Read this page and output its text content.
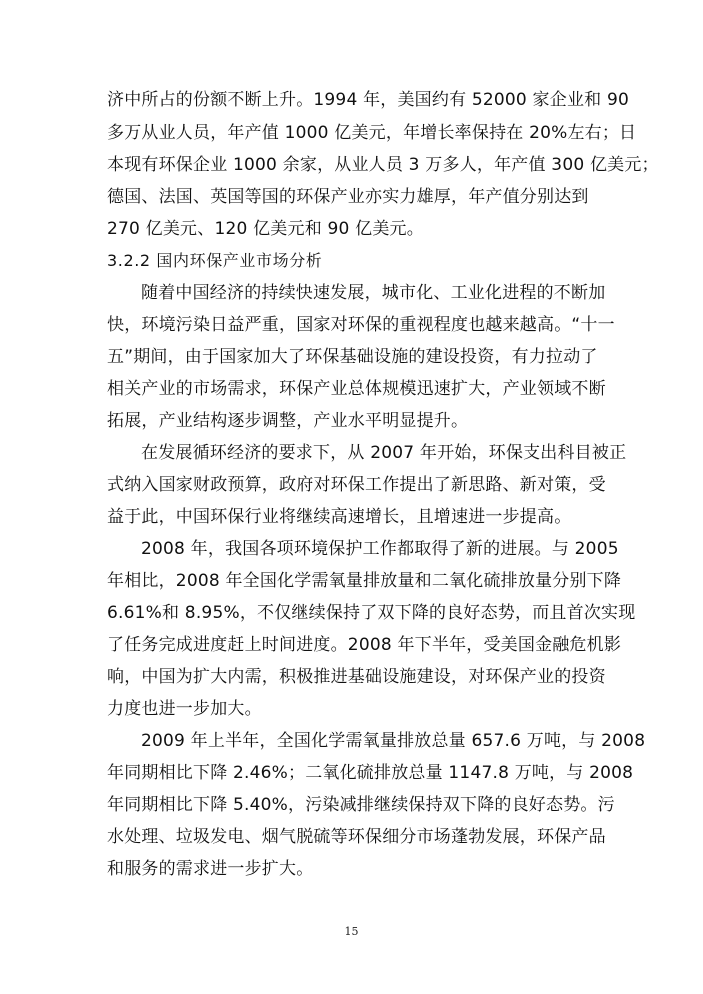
济中所占的份额不断上升。1994 年，美国约有 52000 家企业和 90
多万从业人员，年产值 1000 亿美元，年增长率保持在 20%左右；日
本现有环保企业 1000 余家，从业人员 3 万多人，年产值 300 亿美元；
德国、法国、英国等国的环保产业亦实力雄厚，年产值分别达到
270 亿美元、120 亿美元和 90 亿美元。
3.2.2 国内环保产业市场分析
随着中国经济的持续快速发展，城市化、工业化进程的不断加
快，环境污染日益严重，国家对环保的重视程度也越来越高。“十一
五”期间，由于国家加大了环保基础设施的建设投资，有力拉动了
相关产业的市场需求，环保产业总体规模迅速扩大，产业领域不断
拓展，产业结构逐步调整，产业水平明显提升。
在发展循环经济的要求下，从 2007 年开始，环保支出科目被正
式纳入国家财政预算，政府对环保工作提出了新思路、新对策，受
益于此，中国环保行业将继续高速增长，且增速进一步提高。
2008 年，我国各项环境保护工作都取得了新的进展。与 2005
年相比，2008 年全国化学需氧量排放量和二氧化硫排放量分别下降
6.61%和 8.95%，不仅继续保持了双下降的良好态势，而且首次实现
了任务完成进度赶上时间进度。2008 年下半年，受美国金融危机影
响，中国为扩大内需，积极推进基础设施建设，对环保产业的投资
力度也进一步加大。
2009 年上半年，全国化学需氧量排放总量 657.6 万吨，与 2008
年同期相比下降 2.46%；二氧化硫排放总量 1147.8 万吨，与 2008
年同期相比下降 5.40%，污染减排继续保持双下降的良好态势。污
水处理、垃圾发电、烟气脱硫等环保细分市场蓬勃发展，环保产品
和服务的需求进一步扩大。
15
